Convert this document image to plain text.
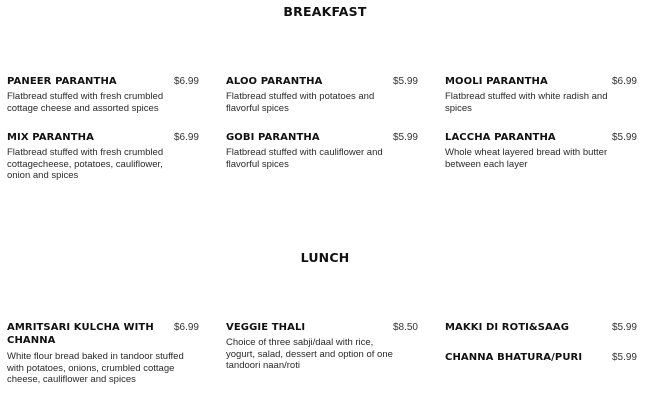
BREAKFAST
PANEER PARANTHA	$6.99
Flatbread stuffed with fresh crumbled cottage cheese and assorted spices
ALOO PARANTHA	$5.99
Flatbread stuffed with potatoes and flavorful spices
MOOLI PARANTHA	$6.99
Flatbread stuffed with white radish and spices
MIX PARANTHA	$6.99
Flatbread stuffed with fresh crumbled cottagecheese, potatoes, cauliflower, onion and spices
GOBI PARANTHA	$5.99
Flatbread stuffed with cauliflower and flavorful spices
LACCHA PARANTHA	$5.99
Whole wheat layered bread with butter between each layer
LUNCH
AMRITSARI KULCHA WITH CHANNA
$6.99
White flour bread baked in tandoor stuffed with potatoes, onions, crumbled cottage cheese, cauliflower and spices
VEGGIE THALI	$8.50
Choice of three sabji/daal with rice, yogurt, salad, dessert and option of one tandoori naan/roti
MAKKI DI ROTI&SAAG	$5.99
CHANNA BHATURA/PURI	$5.99
